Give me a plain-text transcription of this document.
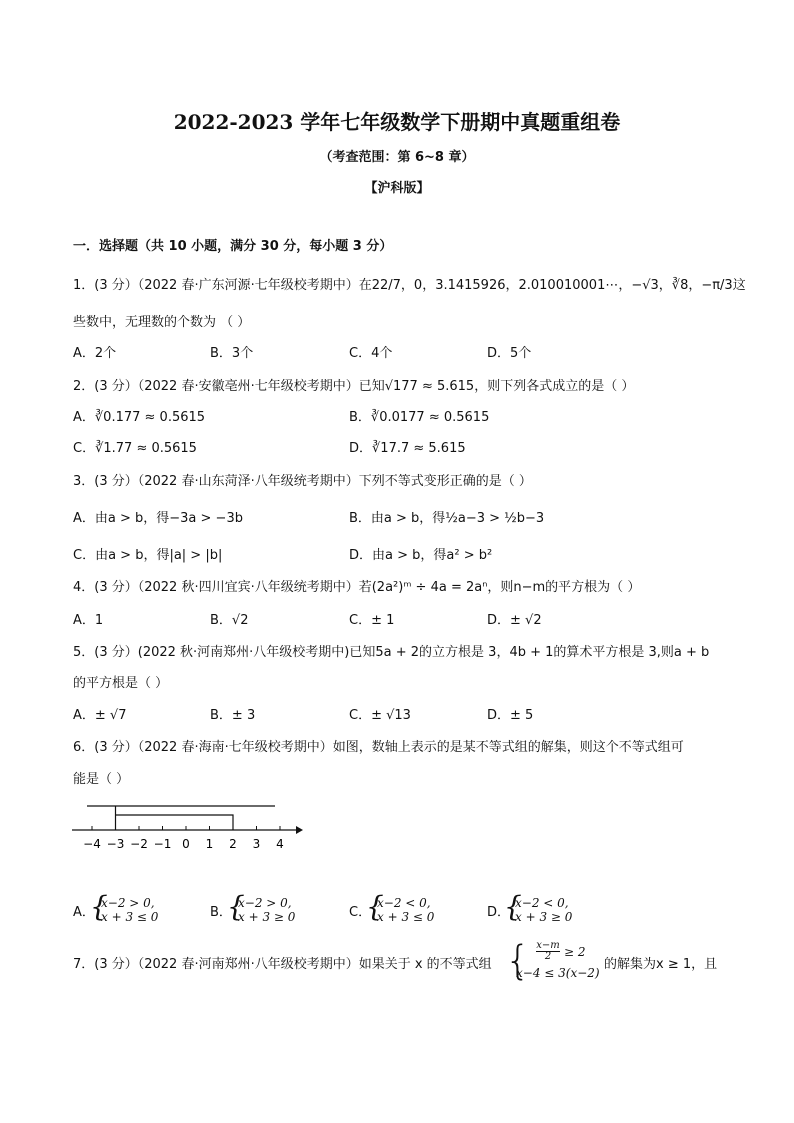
2022-2023 学年七年级数学下册期中真题重组卷
（考查范围：第 6~8 章）
【沪科版】
一．选择题（共 10 小题，满分 30 分，每小题 3 分）
1．(3 分）（2022 春·广东河源·七年级校考期中）在22/7，0，3.1415926，2.010010001⋯，−√3，∛8，−π/3这
些数中，无理数的个数为 （ ）
A．2个	B．3个	C．4个	D．5个
2．(3 分）（2022 春·安徽亳州·七年级校考期中）已知√177 ≈ 5.615，则下列各式成立的是（ ）
A．∛0.177 ≈ 0.5615	B．∛0.0177 ≈ 0.5615
C．∛1.77 ≈ 0.5615	D．∛17.7 ≈ 5.615
3．(3 分）（2022 春·山东菏泽·八年级统考期中）下列不等式变形正确的是（ ）
A．由a > b，得−3a > −3b	B．由a > b，得½a−3 > ½b−3
C．由a > b，得|a| > |b|	D．由a > b，得a² > b²
4．(3 分）（2022 秋·四川宜宾·八年级统考期中）若(2a²)ᵐ ÷ 4a = 2aⁿ，则n−m的平方根为（ ）
A．1	B．√2	C．± 1	D．± √2
5．(3 分）(2022 秋·河南郑州·八年级校考期中)已知5a + 2的立方根是 3，4b + 1的算术平方根是 3,则a + b
的平方根是（ ）
A．± √7	B．± 3	C．± √13	D．± 5
6．(3 分）（2022 春·海南·七年级校考期中）如图，数轴上表示的是某不等式组的解集，则这个不等式组可
能是（ ）
−4 −3 −2 −1 0 1 2 3 4
A．
{
x−2 > 0,
x + 3 ≤ 0	B．
{
x−2 > 0,
x + 3 ≥ 0	C．
{
x−2 < 0,
x + 3 ≤ 0	D．
{
x−2 < 0,
x + 3 ≥ 0
7．(3 分）（2022 春·河南郑州·八年级校考期中）如果关于 x 的不等式组 { x−m
2	≥ 2
x−4 ≤ 3(x−2)
的解集为x ≥ 1，且
